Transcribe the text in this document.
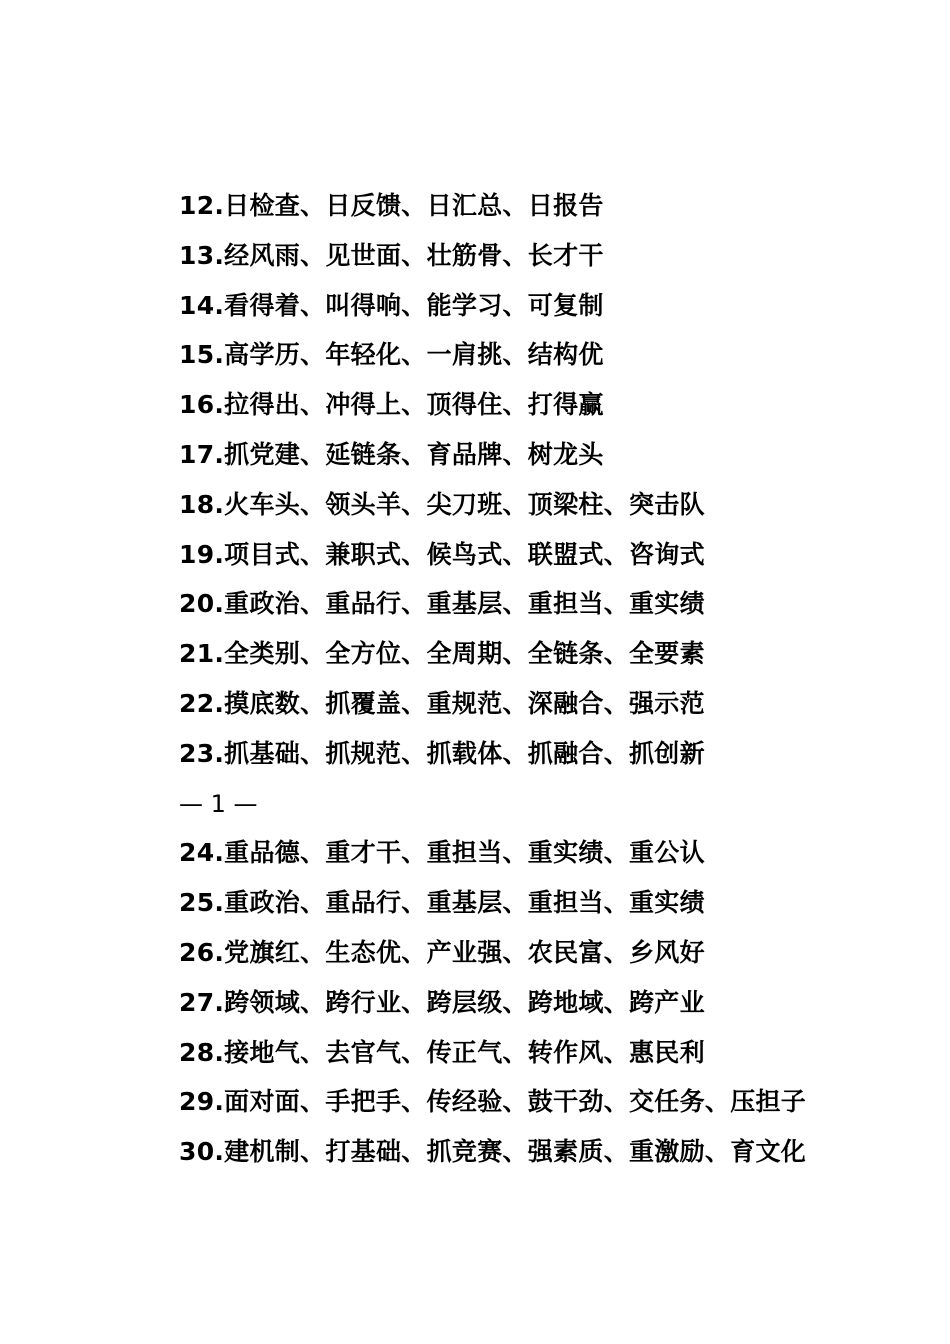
12.日检查、日反馈、日汇总、日报告
13.经风雨、见世面、壮筋骨、长才干
14.看得着、叫得响、能学习、可复制
15.高学历、年轻化、一肩挑、结构优
16.拉得出、冲得上、顶得住、打得赢
17.抓党建、延链条、育品牌、树龙头
18.火车头、领头羊、尖刀班、顶梁柱、突击队
19.项目式、兼职式、候鸟式、联盟式、咨询式
20.重政治、重品行、重基层、重担当、重实绩
21.全类别、全方位、全周期、全链条、全要素
22.摸底数、抓覆盖、重规范、深融合、强示范
23.抓基础、抓规范、抓载体、抓融合、抓创新
— 1 —
24.重品德、重才干、重担当、重实绩、重公认
25.重政治、重品行、重基层、重担当、重实绩
26.党旗红、生态优、产业强、农民富、乡风好
27.跨领域、跨行业、跨层级、跨地域、跨产业
28.接地气、去官气、传正气、转作风、惠民利
29.面对面、手把手、传经验、鼓干劲、交任务、压担子
30.建机制、打基础、抓竞赛、强素质、重激励、育文化
